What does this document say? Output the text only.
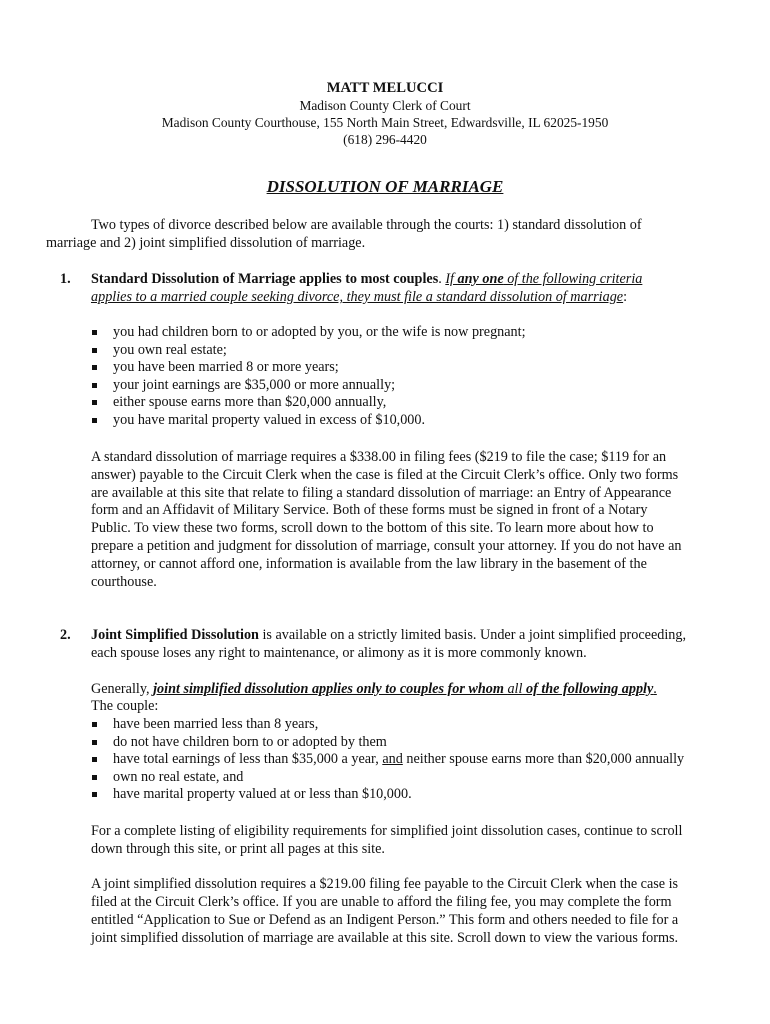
MATT MELUCCI
Madison County Clerk of Court
Madison County Courthouse, 155 North Main Street, Edwardsville, IL 62025-1950
(618) 296-4420
DISSOLUTION OF MARRIAGE
Two types of divorce described below are available through the courts: 1) standard dissolution of
marriage and 2) joint simplified dissolution of marriage.
1. Standard Dissolution of Marriage applies to most couples. If any one of the following criteria
applies to a married couple seeking divorce, they must file a standard dissolution of marriage:
you had children born to or adopted by you, or the wife is now pregnant;
you own real estate;
you have been married 8 or more years;
your joint earnings are $35,000 or more annually;
either spouse earns more than $20,000 annually,
you have marital property valued in excess of $10,000.
A standard dissolution of marriage requires a $338.00 in filing fees ($219 to file the case; $119 for an
answer) payable to the Circuit Clerk when the case is filed at the Circuit Clerk’s office. Only two forms
are available at this site that relate to filing a standard dissolution of marriage: an Entry of Appearance
form and an Affidavit of Military Service. Both of these forms must be signed in front of a Notary
Public. To view these two forms, scroll down to the bottom of this site. To learn more about how to
prepare a petition and judgment for dissolution of marriage, consult your attorney. If you do not have an
attorney, or cannot afford one, information is available from the law library in the basement of the
courthouse.
2. Joint Simplified Dissolution is available on a strictly limited basis. Under a joint simplified proceeding,
each spouse loses any right to maintenance, or alimony as it is more commonly known.
Generally, joint simplified dissolution applies only to couples for whom all of the following apply.
The couple:
have been married less than 8 years,
do not have children born to or adopted by them
have total earnings of less than $35,000 a year, and neither spouse earns more than $20,000 annually
own no real estate, and
have marital property valued at or less than $10,000.
For a complete listing of eligibility requirements for simplified joint dissolution cases, continue to scroll
down through this site, or print all pages at this site.
A joint simplified dissolution requires a $219.00 filing fee payable to the Circuit Clerk when the case is
filed at the Circuit Clerk’s office. If you are unable to afford the filing fee, you may complete the form
entitled “Application to Sue or Defend as an Indigent Person.” This form and others needed to file for a
joint simplified dissolution of marriage are available at this site. Scroll down to view the various forms.
